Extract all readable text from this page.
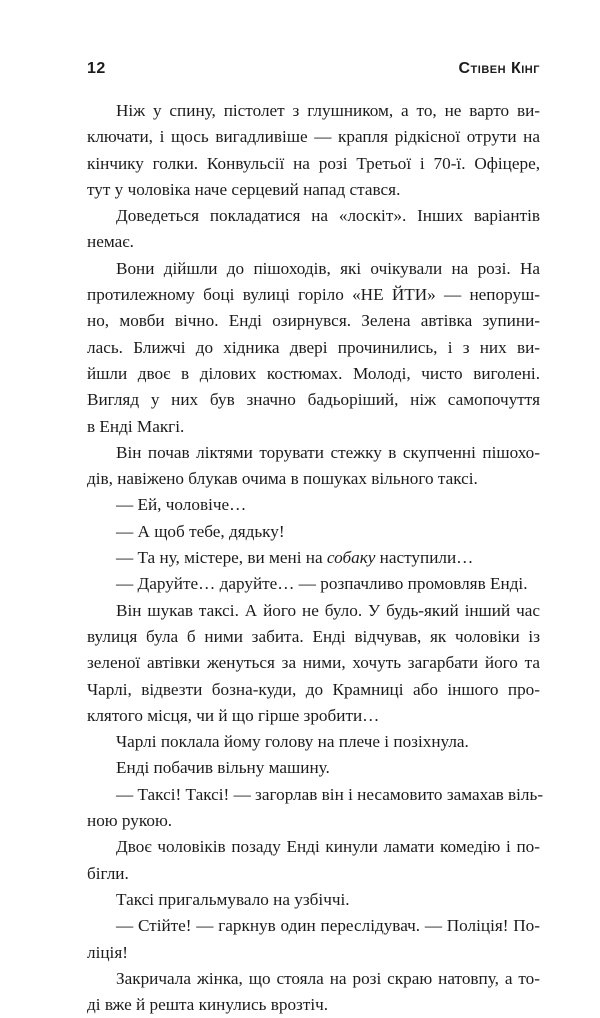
12	Стівен Кінг
Ніж у спину, пістолет з глушником, а то, не варто ви-
ключати, і щось вигадливіше — крапля рідкісної отрути на
кінчику голки. Конвульсії на розі Третьої і 70-ї. Офіцере,
тут у чоловіка наче серцевий напад стався.
Доведеться покладатися на «лоскіт». Інших варіантів
немає.
Вони дійшли до пішоходів, які очікували на розі. На
протилежному боці вулиці горіло «НЕ ЙТИ» — непоруш-
но, мовби вічно. Енді озирнувся. Зелена автівка зупини-
лась. Ближчі до хідника двері прочинились, і з них ви-
йшли двоє в ділових костюмах. Молоді, чисто виголені.
Вигляд у них був значно бадьоріший, ніж самопочуття
в Енді Макгі.
Він почав ліктями торувати стежку в скупченні пішохо-
дів, навіжено блукав очима в пошуках вільного таксі.
— Ей, чоловіче…
— А щоб тебе, дядьку!
— Та ну, містере, ви мені на собаку наступили…
— Даруйте… даруйте… — розпачливо промовляв Енді.
Він шукав таксі. А його не було. У будь-який інший час
вулиця була б ними забита. Енді відчував, як чоловіки із
зеленої автівки женуться за ними, хочуть загарбати його та
Чарлі, відвезти бозна-куди, до Крамниці або іншого про-
клятого місця, чи й що гірше зробити…
Чарлі поклала йому голову на плече і позіхнула.
Енді побачив вільну машину.
— Таксі! Таксі! — загорлав він і несамовито замахав віль-
ною рукою.
Двоє чоловіків позаду Енді кинули ламати комедію і по-
бігли.
Таксі пригальмувало на узбіччі.
— Стійте! — гаркнув один переслідувач. — Поліція! По-
ліція!
Закричала жінка, що стояла на розі скраю натовпу, а то-
ді вже й решта кинулись врозтіч.
